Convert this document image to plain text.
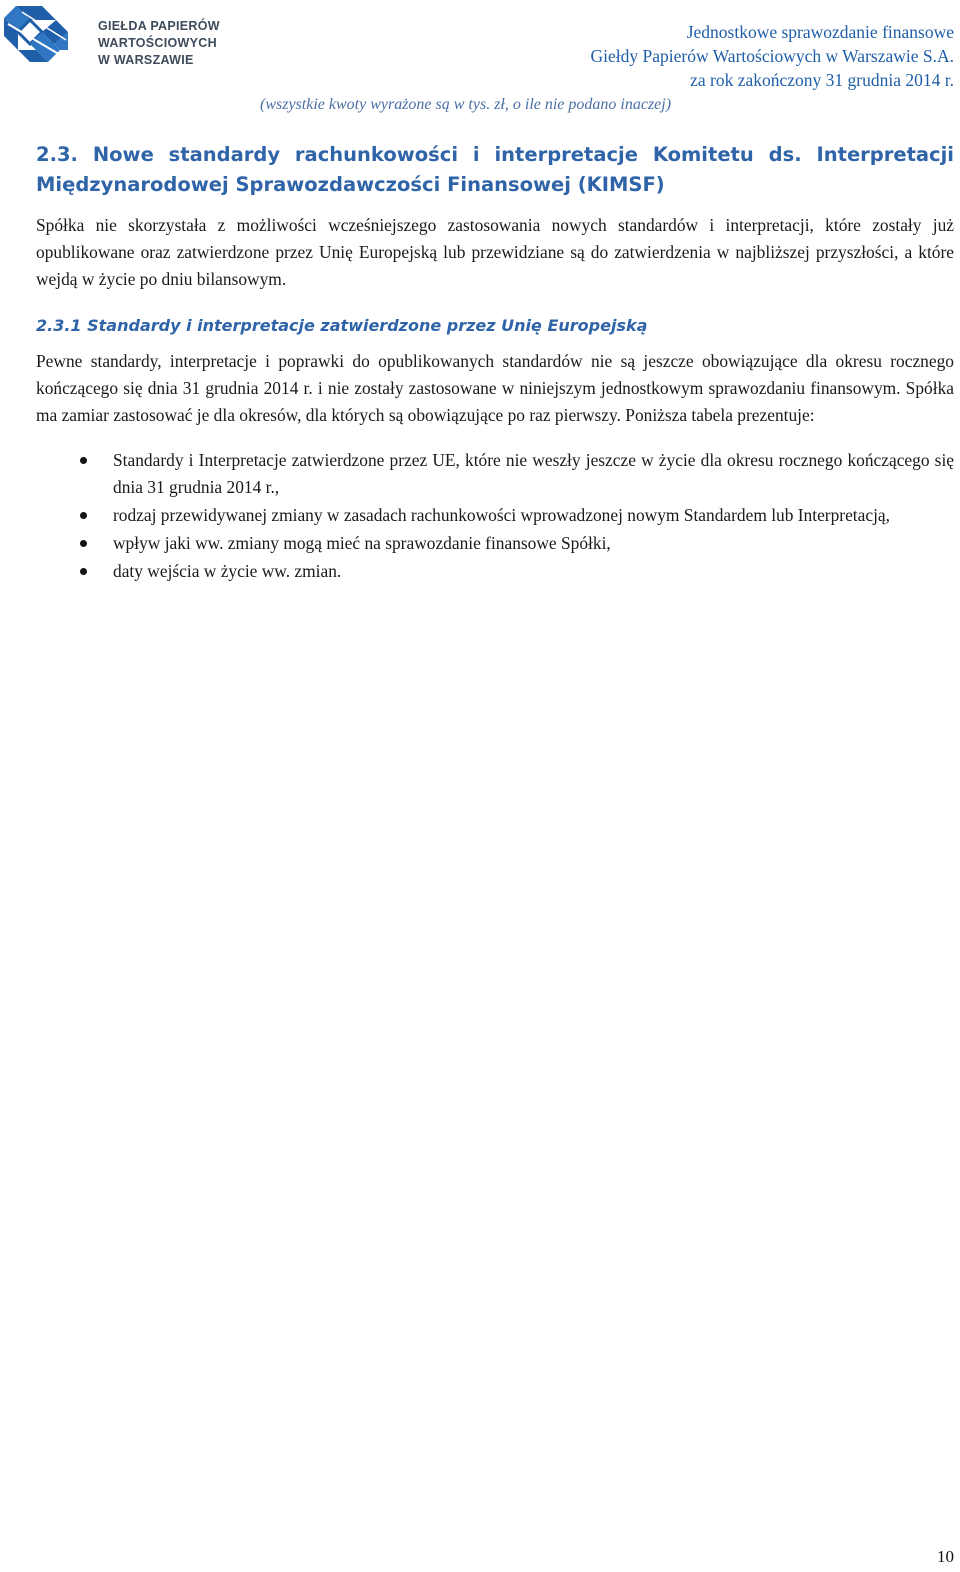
GIEŁDA PAPIERÓW
WARTOŚCIOWYCH
W WARSZAWIE
Jednostkowe sprawozdanie finansowe
Giełdy Papierów Wartościowych w Warszawie S.A.
za rok zakończony 31 grudnia 2014 r.
(wszystkie kwoty wyrażone są w tys. zł, o ile nie podano inaczej)
2.3. Nowe standardy rachunkowości i interpretacje Komitetu ds. Interpretacji Międzynarodowej Sprawozdawczości Finansowej (KIMSF)

Spółka nie skorzystała z możliwości wcześniejszego zastosowania nowych standardów i interpretacji, które zostały już opublikowane oraz zatwierdzone przez Unię Europejską lub przewidziane są do zatwierdzenia w najbliższej przyszłości, a które wejdą w życie po dniu bilansowym.

2.3.1 Standardy i interpretacje zatwierdzone przez Unię Europejską

Pewne standardy, interpretacje i poprawki do opublikowanych standardów nie są jeszcze obowiązujące dla okresu rocznego kończącego się dnia 31 grudnia 2014 r. i nie zostały zastosowane w niniejszym jednostkowym sprawozdaniu finansowym. Spółka ma zamiar zastosować je dla okresów, dla których są obowiązujące po raz pierwszy. Poniższa tabela prezentuje:

Standardy i Interpretacje zatwierdzone przez UE, które nie weszły jeszcze w życie dla okresu rocznego kończącego się dnia 31 grudnia 2014 r.,
rodzaj przewidywanej zmiany w zasadach rachunkowości wprowadzonej nowym Standardem lub Interpretacją,
wpływ jaki ww. zmiany mogą mieć na sprawozdanie finansowe Spółki,
daty wejścia w życie ww. zmian.
10
